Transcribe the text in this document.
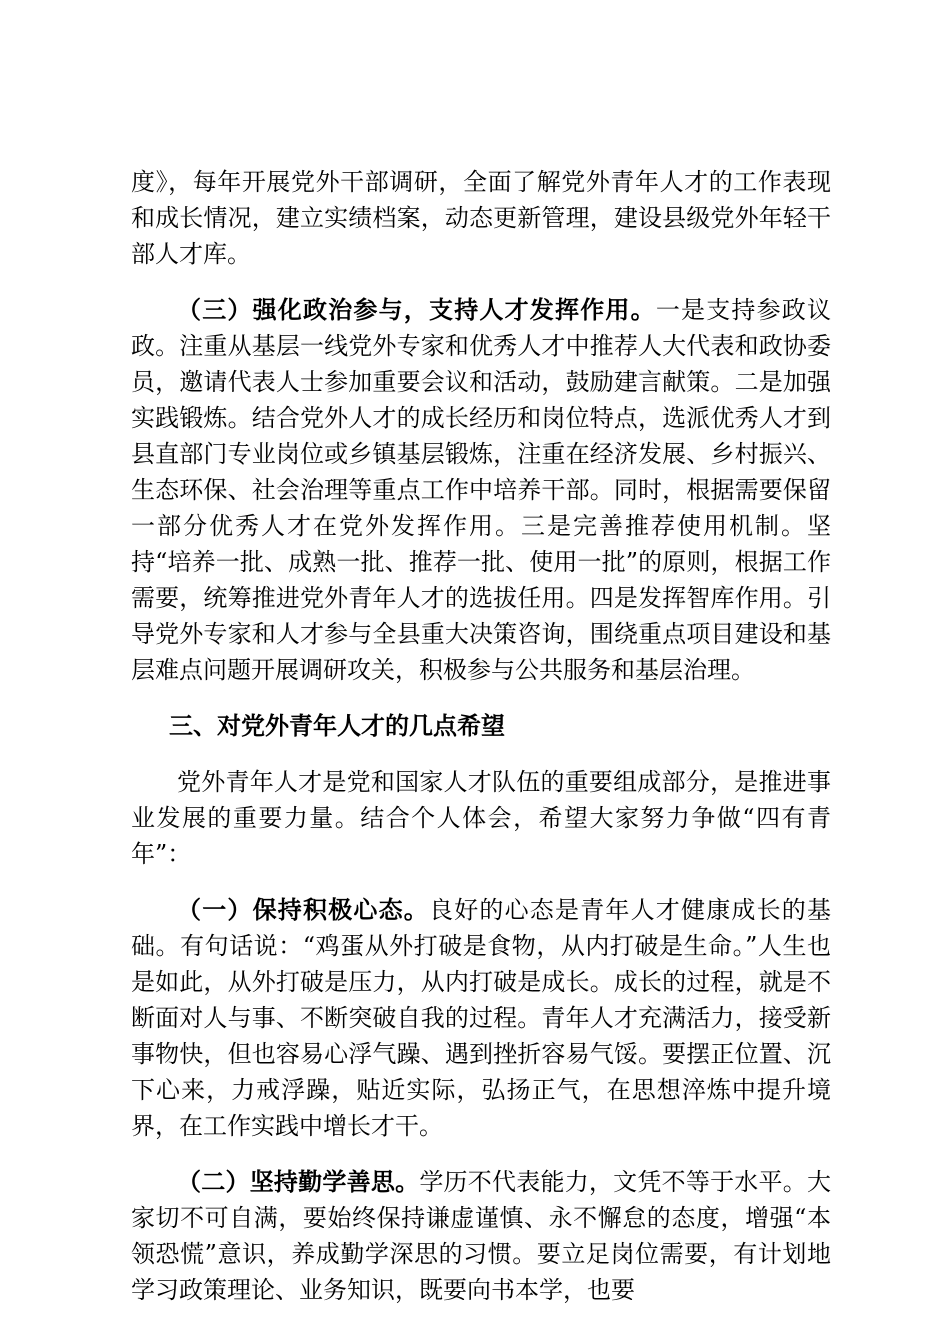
度》，每年开展党外干部调研，全面了解党外青年人才的工作表现和成长情况，建立实绩档案，动态更新管理，建设县级党外年轻干部人才库。

（三）强化政治参与，支持人才发挥作用。一是支持参政议政。注重从基层一线党外专家和优秀人才中推荐人大代表和政协委员，邀请代表人士参加重要会议和活动，鼓励建言献策。二是加强实践锻炼。结合党外人才的成长经历和岗位特点，选派优秀人才到县直部门专业岗位或乡镇基层锻炼，注重在经济发展、乡村振兴、生态环保、社会治理等重点工作中培养干部。同时，根据需要保留一部分优秀人才在党外发挥作用。三是完善推荐使用机制。坚持“培养一批、成熟一批、推荐一批、使用一批”的原则，根据工作需要，统筹推进党外青年人才的选拔任用。四是发挥智库作用。引导党外专家和人才参与全县重大决策咨询，围绕重点项目建设和基层难点问题开展调研攻关，积极参与公共服务和基层治理。

三、对党外青年人才的几点希望

党外青年人才是党和国家人才队伍的重要组成部分，是推进事业发展的重要力量。结合个人体会，希望大家努力争做“四有青年”：

（一）保持积极心态。良好的心态是青年人才健康成长的基础。有句话说：“鸡蛋从外打破是食物，从内打破是生命。”人生也是如此，从外打破是压力，从内打破是成长。成长的过程，就是不断面对人与事、不断突破自我的过程。青年人才充满活力，接受新事物快，但也容易心浮气躁、遇到挫折容易气馁。要摆正位置、沉下心来，力戒浮躁，贴近实际，弘扬正气，在思想淬炼中提升境界，在工作实践中增长才干。

（二）坚持勤学善思。学历不代表能力，文凭不等于水平。大家切不可自满，要始终保持谦虚谨慎、永不懈怠的态度，增强“本领恐慌”意识，养成勤学深思的习惯。要立足岗位需要，有计划地学习政策理论、业务知识，既要向书本学，也要
